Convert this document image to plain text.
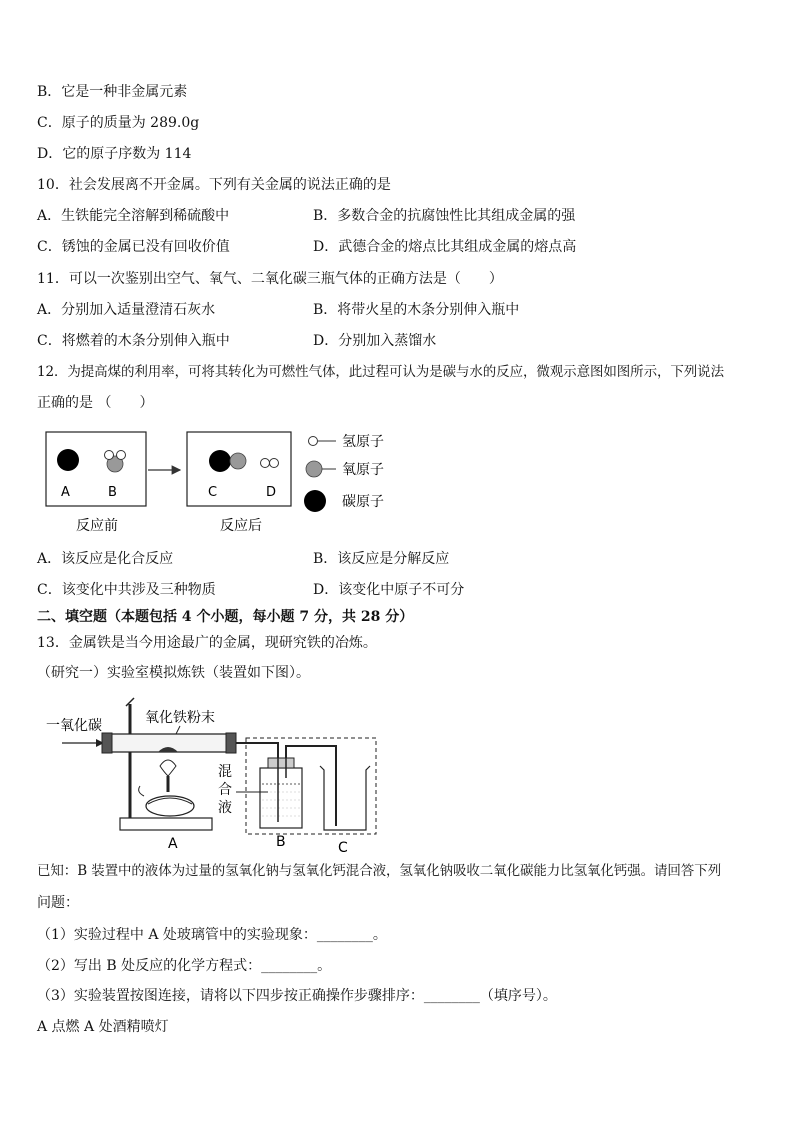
B．它是一种非金属元素
C．原子的质量为 289.0g
D．它的原子序数为 114
10．社会发展离不开金属。下列有关金属的说法正确的是
A．生铁能完全溶解到稀硫酸中	B．多数合金的抗腐蚀性比其组成金属的强
C．锈蚀的金属已没有回收价值	D．武德合金的熔点比其组成金属的熔点高
11．可以一次鉴别出空气、氧气、二氧化碳三瓶气体的正确方法是（　　）
A．分别加入适量澄清石灰水	B．将带火星的木条分别伸入瓶中
C．将燃着的木条分别伸入瓶中	D．分别加入蒸馏水
12．为提高煤的利用率，可将其转化为可燃性气体，此过程可认为是碳与水的反应，微观示意图如图所示，下列说法
正确的是 （　　）
A	B	C	D
反应前	反应后
氢原子
氧原子
碳原子
A．该反应是化合反应	B．该反应是分解反应
C．该变化中共涉及三种物质	D．该变化中原子不可分
二、填空题（本题包括 4 个小题，每小题 7 分，共 28 分）
13．金属铁是当今用途最广的金属，现研究铁的冶炼。
（研究一）实验室模拟炼铁（装置如下图）。
一氧化碳	氧化铁粉末
混
合
液
A	B	C
已知：B 装置中的液体为过量的氢氧化钠与氢氧化钙混合液，氢氧化钠吸收二氧化碳能力比氢氧化钙强。请回答下列
问题：
（1）实验过程中 A 处玻璃管中的实验现象：________。
（2）写出 B 处反应的化学方程式：________。
（3）实验装置按图连接，请将以下四步按正确操作步骤排序：________（填序号）。
A 点燃 A 处酒精喷灯
